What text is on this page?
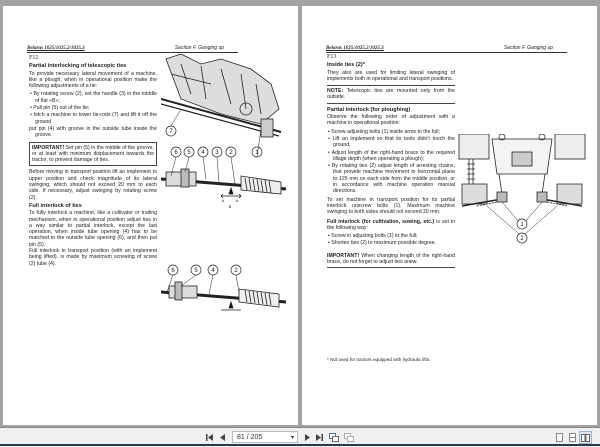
Belarus 1025/1025.2/1025.3	Section F. Ganging up
F12
Partial interlocking of telescopic ties
To provide necessary lateral movement of a machine, like a plough, when in operational position make the following adjustments of a tie:
• By rotating screw (2), set the handle (3) in the middle of flat «B»;
• Pull pin (5) out of the tie;
• hitch a machine to lower tie-rods (7) and lift it off the ground
put pin (4) with groove in the outside tube inside the groove.
IMPORTANT! Set pin (5) in the middle of the groove, or at least with minimum displacement towards the tractor, to prevent damage of ties.
Before moving in transport position lift an implement to upper position and check magnitude of its lateral swinging, which should not exceed 20 mm to each side. If necessary, adjust swinging by rotating screw (2).
Full interlock of ties
To fully interlock a machine, like a cultivator or trailing mechanism, when in operational position adjust ties in a way similar to partial interlock, except the last operation, when inside tube opening (4) has to be matched to the outside tube opening (6), and then put pin (5).
Full interlock in transport position (with an implement being lifted), is made by maximum screwing of screw (2) tube (4).
7
6 5 4 3 2	1
A	A
B
6	5 4	2
Belarus 1025/1025.2/1025.3	Section F. Ganging up
F13
Inside ties (2)*
They also are used for limiting lateral swinging of implements both in operational and transport positions.
NOTE: Telescopic ties are mounted only from the outside.
Partial interlock (for ploughing)
Observe the following order of adjustment with a machine in operational position:
• Screw adjusting bolts (1) inside arms to the full;
• Lift an implement so that its tools didn't touch the ground;
• Adjust length of the right-hand brace to the required tillage depth (when operating a plough);
• By rotating ties (2) adjust length of arresting chains, that provide machine movement in horizontal plane to 125 mm on each side from the middle position, or in accordance with machine operation manual directions.
To set machine in transport position for its partial interlock unscrew bolts (1). Maximum machine swinging to both sides should not exceed 20 mm.
Full interlock (for cultivation, sowing, etc.) is set in the following way:
• Screw in adjusting bolts (1) to the full;
• Shorten ties (2) to maximum possible degree.
IMPORTANT! When changing length of the right-hand brace, do not forget to adjust ties anew.
* Not used for tractors equipped with hydraulic lifts.
1
2
81 / 205	▾
